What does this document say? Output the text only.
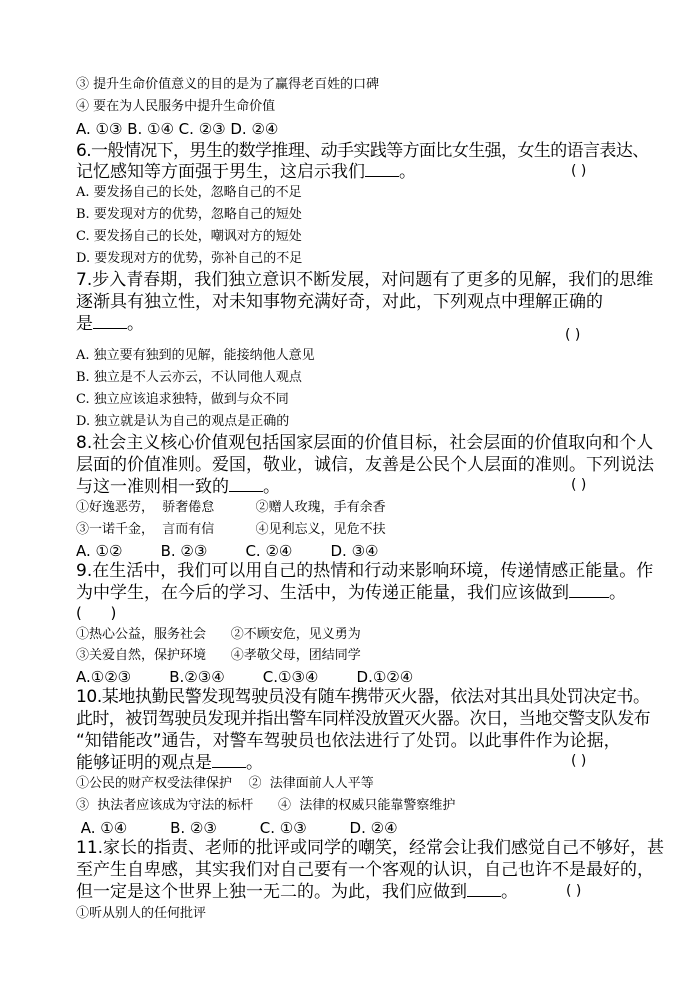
③ 提升生命价值意义的目的是为了赢得老百姓的口碑
④ 要在为人民服务中提升生命价值
A. ①③ B. ①④ C. ②③ D. ②④
6.一般情况下，男生的数学推理、动手实践等方面比女生强，女生的语言表达、
记忆感知等方面强于男生，这启示我们 。	( )
A. 要发扬自己的长处，忽略自己的不足
B. 要发现对方的优势，忽略自己的短处
C. 要发扬自己的长处，嘲讽对方的短处
D. 要发现对方的优势，弥补自己的不足
7.步入青春期，我们独立意识不断发展，对问题有了更多的见解，我们的思维
逐渐具有独立性，对未知事物充满好奇，对此，下列观点中理解正确的
是 。
( )
A. 独立要有独到的见解，能接纳他人意见
B. 独立是不人云亦云，不认同他人观点
C. 独立应该追求独特，做到与众不同
D. 独立就是认为自己的观点是正确的
8.社会主义核心价值观包括国家层面的价值目标，社会层面的价值取向和个人
层面的价值准则。爱国，敬业，诚信，友善是公民个人层面的准则。下列说法
与这一准则相一致的 。	( )
①好逸恶劳，  骄奢倦怠          ②赠人玫瑰，手有余香
③一诺千金，  言而有信          ④见利忘义，见危不扶
A. ①②        B. ②③        C. ②④        D. ③④
9.在生活中，我们可以用自己的热情和行动来影响环境，传递情感正能量。作
为中学生，在今后的学习、生活中，为传递正能量，我们应该做到 。
(      )
①热心公益，服务社会      ②不顾安危，见义勇为
③关爱自然，保护环境      ④孝敬父母，团结同学
A.①②③        B.②③④        C.①③④        D.①②④
10.某地执勤民警发现驾驶员没有随车携带灭火器，依法对其出具处罚决定书。
此时，被罚驾驶员发现并指出警车同样没放置灭火器。次日，当地交警支队发布
“知错能改”通告，对警车驾驶员也依法进行了处罚。以此事件作为论据，
能够证明的观点是 。	( )
①公民的财产权受法律保护    ②  法律面前人人平等
③  执法者应该成为守法的标杆      ④  法律的权威只能靠警察维护
A. ①④         B. ②③         C. ①③         D. ②④
11.家长的指责、老师的批评或同学的嘲笑，经常会让我们感觉自己不够好，甚
至产生自卑感，其实我们对自己要有一个客观的认识，自己也许不是最好的，
但一定是这个世界上独一无二的。为此，我们应做到 。	( )
①听从别人的任何批评
